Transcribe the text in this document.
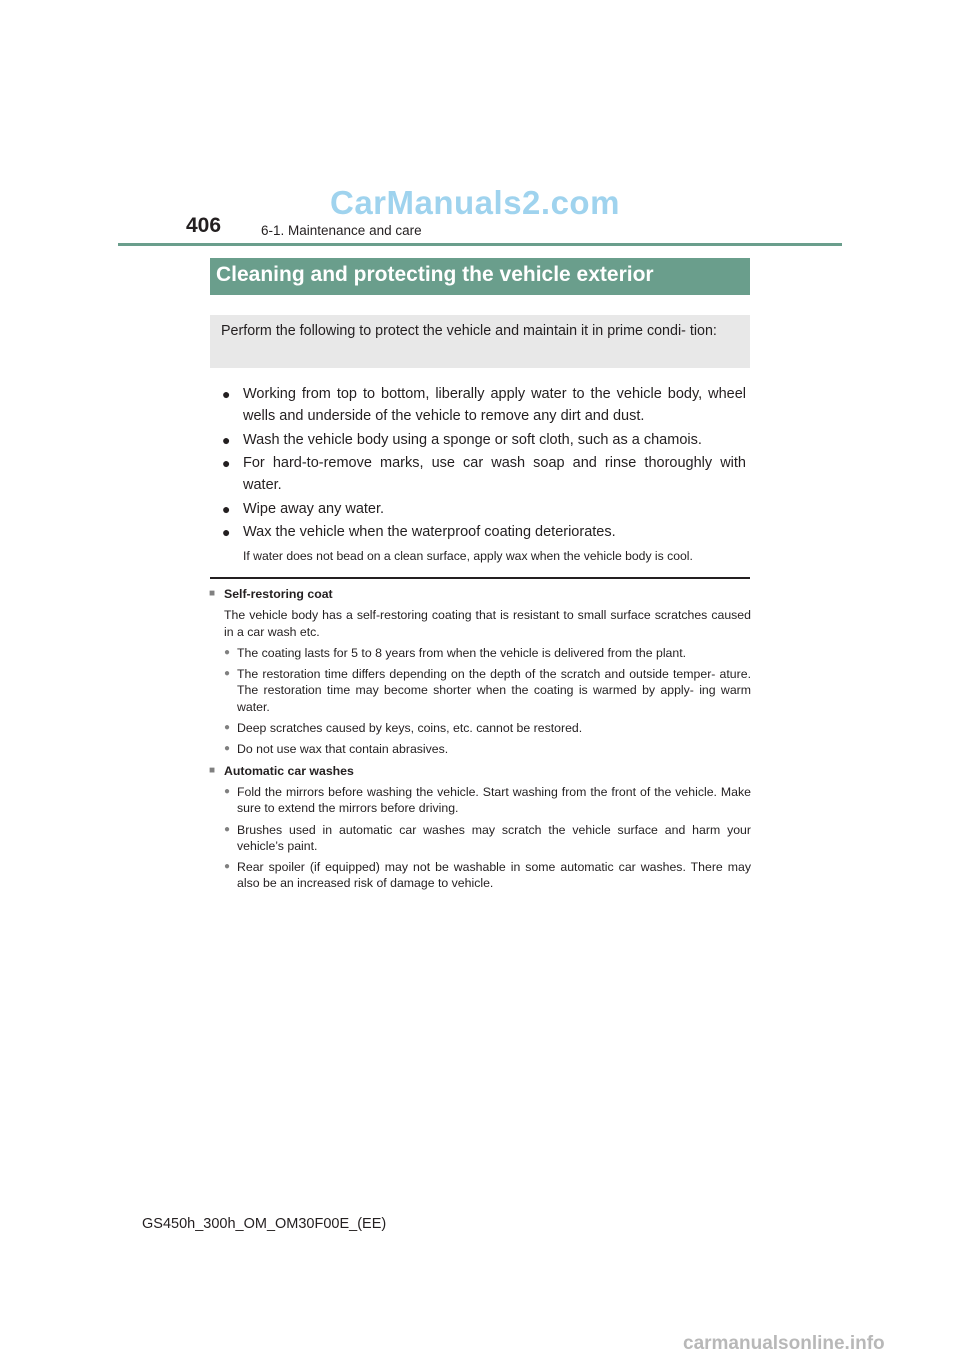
CarManuals2.com
406	6-1. Maintenance and care
Cleaning and protecting the vehicle exterior
Perform the following to protect the vehicle and maintain it in prime condi- tion:
● Working from top to bottom, liberally apply water to the vehicle body, wheel wells and underside of the vehicle to remove any dirt and dust.
● Wash the vehicle body using a sponge or soft cloth, such as a chamois.
● For hard-to-remove marks, use car wash soap and rinse thoroughly with water.
● Wipe away any water.
● Wax the vehicle when the waterproof coating deteriorates.
If water does not bead on a clean surface, apply wax when the vehicle body is cool.
■ Self-restoring coat
The vehicle body has a self-restoring coating that is resistant to small surface scratches caused in a car wash etc.
● The coating lasts for 5 to 8 years from when the vehicle is delivered from the plant.
● The restoration time differs depending on the depth of the scratch and outside temper- ature. The restoration time may become shorter when the coating is warmed by apply- ing warm water.
● Deep scratches caused by keys, coins, etc. cannot be restored.
● Do not use wax that contain abrasives.
■ Automatic car washes
● Fold the mirrors before washing the vehicle. Start washing from the front of the vehicle. Make sure to extend the mirrors before driving.
● Brushes used in automatic car washes may scratch the vehicle surface and harm your vehicle’s paint.
● Rear spoiler (if equipped) may not be washable in some automatic car washes. There may also be an increased risk of damage to vehicle.
GS450h_300h_OM_OM30F00E_(EE)
carmanualsonline.info
